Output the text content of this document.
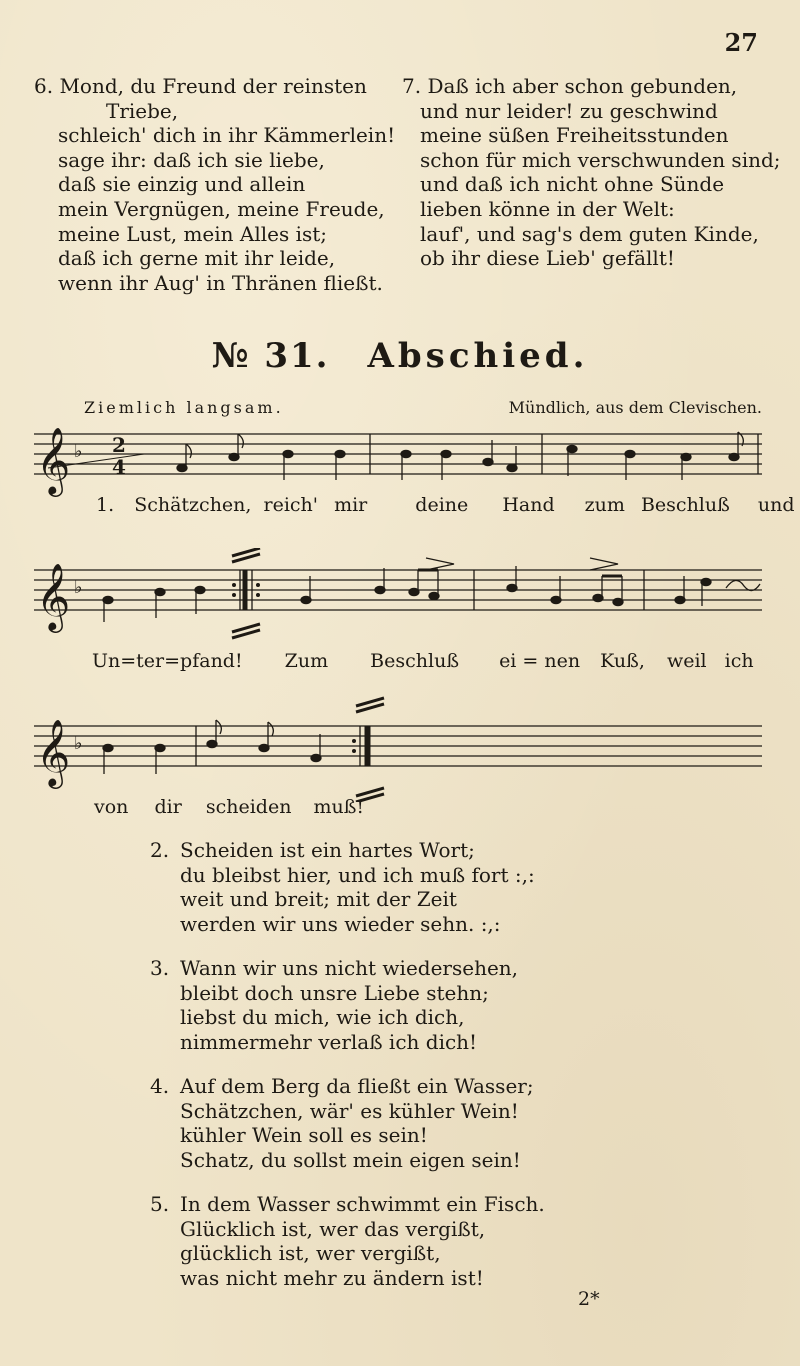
27
6. Mond, du Freund der reinsten
Triebe,
schleich' dich in ihr Kämmerlein!
sage ihr: daß ich sie liebe,
daß sie einzig und allein
mein Vergnügen, meine Freude,
meine Lust, mein Alles ist;
daß ich gerne mit ihr leide,
wenn ihr Aug' in Thränen fließt.
7. Daß ich aber schon gebunden,
und nur leider! zu geschwind
meine süßen Freiheitsstunden
schon für mich verschwunden sind;
und daß ich nicht ohne Sünde
lieben könne in der Welt:
lauf', und sag's dem guten Kinde,
ob ihr diese Lieb' gefällt!
№ 31. Abschied.
Ziemlich langsam.	Mündlich, aus dem Clevischen.
𝄞 ♭ 2
4
1. Schätzchen, reich' mir	deine Hand zum Beschluß und
𝄞 ♭
Un=ter=pfand! Zum Beschluß ei = nen Kuß, weil ich
𝄞 ♭
von dir scheiden muß!
2. Scheiden ist ein hartes Wort;
du bleibst hier, und ich muß fort :,:
weit und breit; mit der Zeit
werden wir uns wieder sehn. :,:
3. Wann wir uns nicht wiedersehen,
bleibt doch unsre Liebe stehn;
liebst du mich, wie ich dich,
nimmermehr verlaß ich dich!
4. Auf dem Berg da fließt ein Wasser;
Schätzchen, wär' es kühler Wein!
kühler Wein soll es sein!
Schatz, du sollst mein eigen sein!
5. In dem Wasser schwimmt ein Fisch.
Glücklich ist, wer das vergißt,
glücklich ist, wer vergißt,
was nicht mehr zu ändern ist!
2*
